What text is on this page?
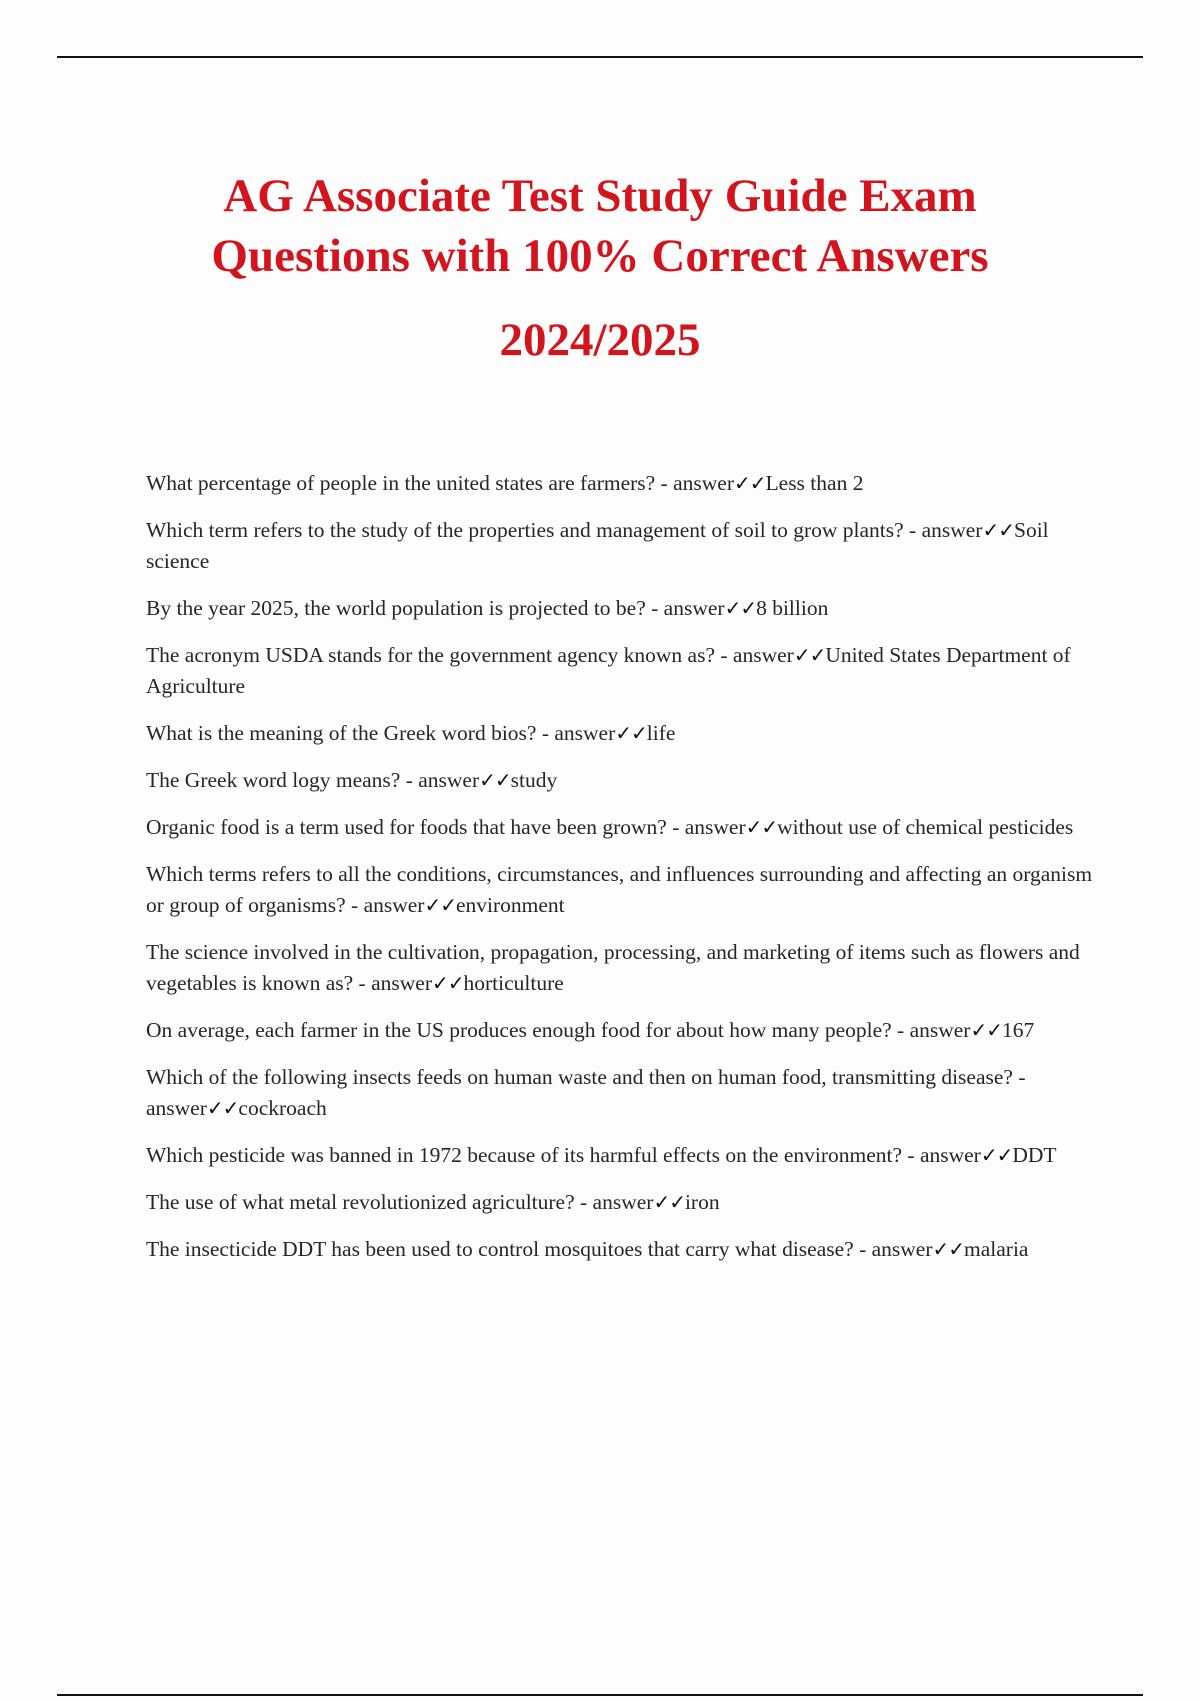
AG Associate Test Study Guide Exam
Questions with 100% Correct Answers
2024/2025
What percentage of people in the united states are farmers? - answer✓✓Less than 2
Which term refers to the study of the properties and management of soil to grow plants? - answer✓✓Soil science
By the year 2025, the world population is projected to be? - answer✓✓8 billion
The acronym USDA stands for the government agency known as? - answer✓✓United States Department of Agriculture
What is the meaning of the Greek word bios? - answer✓✓life
The Greek word logy means? - answer✓✓study
Organic food is a term used for foods that have been grown? - answer✓✓without use of chemical pesticides
Which terms refers to all the conditions, circumstances, and influences surrounding and affecting an organism or group of organisms? - answer✓✓environment
The science involved in the cultivation, propagation, processing, and marketing of items such as flowers and vegetables is known as? - answer✓✓horticulture
On average, each farmer in the US produces enough food for about how many people? - answer✓✓167
Which of the following insects feeds on human waste and then on human food, transmitting disease? - answer✓✓cockroach
Which pesticide was banned in 1972 because of its harmful effects on the environment? - answer✓✓DDT
The use of what metal revolutionized agriculture? - answer✓✓iron
The insecticide DDT has been used to control mosquitoes that carry what disease? - answer✓✓malaria
